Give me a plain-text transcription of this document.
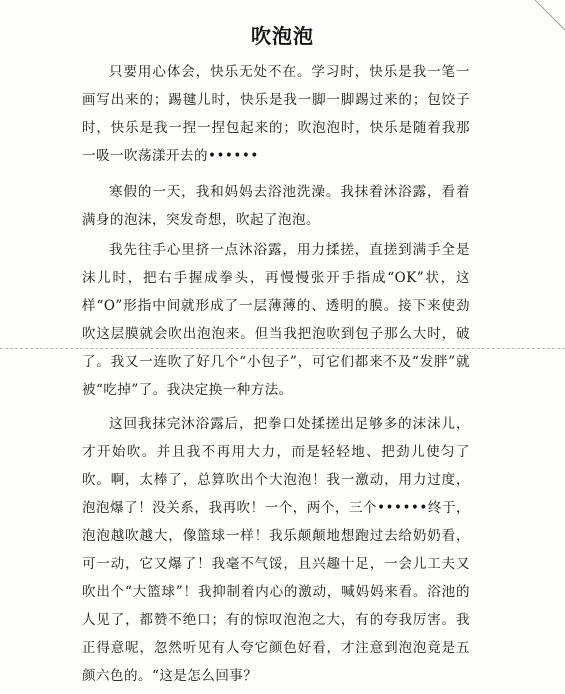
吹泡泡
只要用心体会，快乐无处不在。学习时，快乐是我一笔一画写出来的；踢毽儿时，快乐是我一脚一脚踢过来的；包饺子时，快乐是我一捏一捏包起来的；吹泡泡时，快乐是随着我那一吸一吹荡漾开去的••••••
寒假的一天，我和妈妈去浴池洗澡。我抹着沐浴露，看着满身的泡沫，突发奇想，吹起了泡泡。
我先往手心里挤一点沐浴露，用力揉搓，直搓到满手全是沫儿时，把右手握成拳头，再慢慢张开手指成“OK”状，这样“O”形指中间就形成了一层薄薄的、透明的膜。接下来使劲吹这层膜就会吹出泡泡来。但当我把泡吹到包子那么大时，破了。我又一连吹了好几个“小包子”，可它们都来不及“发胖”就被“吃掉”了。我决定换一种方法。
这回我抹完沐浴露后，把拳口处揉搓出足够多的沫沫儿，才开始吹。并且我不再用大力，而是轻轻地、把劲儿使匀了吹。啊，太棒了，总算吹出个大泡泡！我一激动，用力过度，泡泡爆了！没关系，我再吹！一个，两个，三个••••••终于，泡泡越吹越大，像篮球一样！我乐颠颠地想跑过去给奶奶看，可一动，它又爆了！我毫不气馁，且兴趣十足，一会儿工夫又吹出个“大篮球”！我抑制着内心的激动，喊妈妈来看。浴池的人见了，都赞不绝口；有的惊叹泡泡之大，有的夸我厉害。我正得意呢，忽然听见有人夸它颜色好看，才注意到泡泡竟是五颜六色的。“这是怎么回事？
